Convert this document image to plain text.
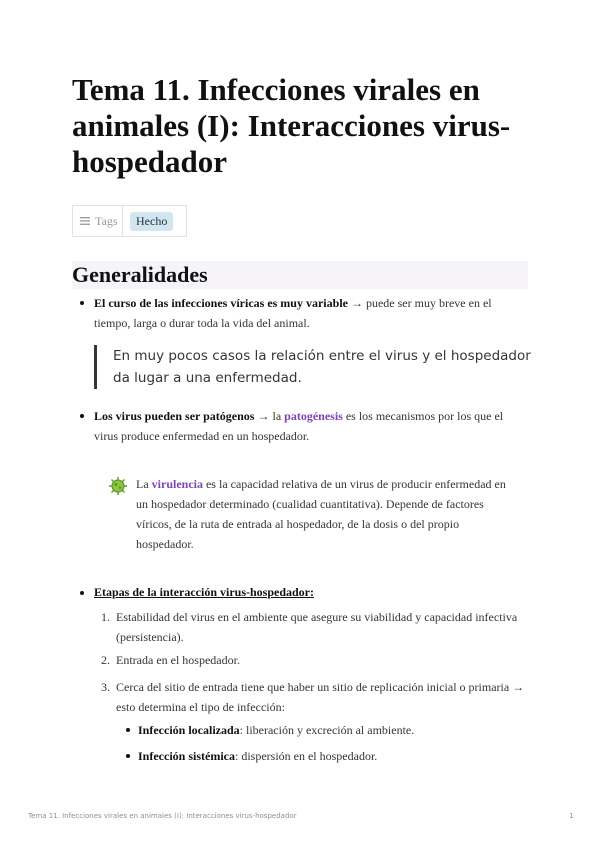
Tema 11. Infecciones virales en animales (I): Interacciones virus-hospedador
Tags	Hecho
Generalidades
El curso de las infecciones víricas es muy variable → puede ser muy breve en el tiempo, larga o durar toda la vida del animal.
En muy pocos casos la relación entre el virus y el hospedador da lugar a una enfermedad.
Los virus pueden ser patógenos → la patogénesis es los mecanismos por los que el virus produce enfermedad en un hospedador.
La virulencia es la capacidad relativa de un virus de producir enfermedad en un hospedador determinado (cualidad cuantitativa). Depende de factores víricos, de la ruta de entrada al hospedador, de la dosis o del propio hospedador.
Etapas de la interacción virus-hospedador:
1. Estabilidad del virus en el ambiente que asegure su viabilidad y capacidad infectiva (persistencia).
2. Entrada en el hospedador.
3. Cerca del sitio de entrada tiene que haber un sitio de replicación inicial o primaria → esto determina el tipo de infección:
Infección localizada: liberación y excreción al ambiente.
Infección sistémica: dispersión en el hospedador.
Tema 11. Infecciones virales en animales (I): Interacciones virus-hospedador	1
